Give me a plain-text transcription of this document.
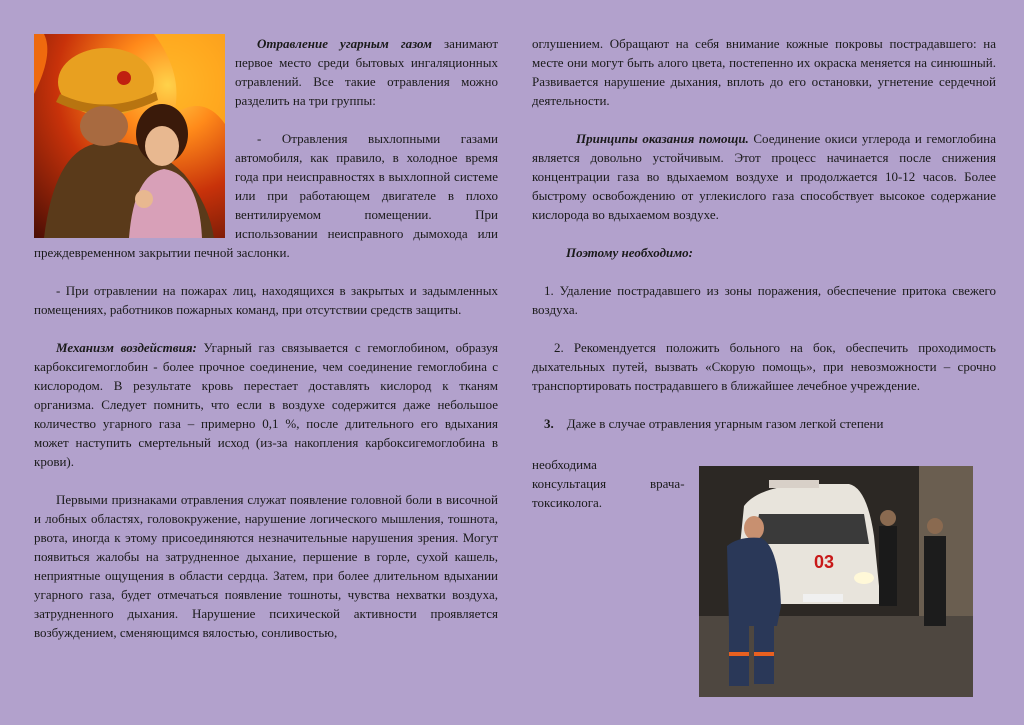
Отравление угарным газом занимают первое место среди бытовых ингаляционных отравлений. Все такие отравления можно разделить на три группы:

- Отравления выхлопными газами автомобиля, как правило, в холодное время года при неисправностях в выхлопной системе или при работающем двигателе в плохо вентилируемом помещении. При использовании неисправного дымохода или преждевременном закрытии печной заслонки.

- При отравлении на пожарах лиц, находящихся в закрытых и задымленных помещениях, работников пожарных команд, при отсутствии средств защиты.

Механизм воздействия: Угарный газ связывается с гемоглобином, образуя карбоксигемоглобин - более прочное соединение, чем соединение гемоглобина с кислородом. В результате кровь перестает доставлять кислород к тканям организма. Следует помнить, что если в воздухе содержится даже небольшое количество угарного газа – примерно 0,1 %, после длительного его вдыхания может наступить смертельный исход (из-за накопления карбоксигемоглобина в крови).

Первыми признаками отравления служат появление головной боли в височной и лобных областях, головокружение, нарушение логического мышления, тошнота, рвота, иногда к этому присоединяются незначительные нарушения зрения. Могут появиться жалобы на затрудненное дыхание, першение в горле, сухой кашель, неприятные ощущения в области сердца. Затем, при более длительном вдыхании угарного газа, будет отмечаться появление тошноты, чувства нехватки воздуха, затрудненного дыхания. Нарушение психической активности проявляется возбуждением, сменяющимся вялостью, сонливостью,

оглушением. Обращают на себя внимание кожные покровы пострадавшего: на месте они могут быть алого цвета, постепенно их окраска меняется на синюшный. Развивается нарушение дыхания, вплоть до его остановки, угнетение сердечной деятельности.

Принципы оказания помощи. Соединение окиси углерода и гемоглобина является довольно устойчивым. Этот процесс начинается после снижения концентрации газа во вдыхаемом воздухе и продолжается 10-12 часов. Более быстрому освобождению от углекислого газа способствует высокое содержание кислорода во вдыхаемом воздухе.

Поэтому необходимо:

1. Удаление пострадавшего из зоны поражения, обеспечение притока свежего воздуха.

2. Рекомендуется положить больного на бок, обеспечить проходимость дыхательных путей, вызвать «Скорую помощь», при невозможности – срочно транспортировать пострадавшего в ближайшее лечебное учреждение.

3. Даже в случае отравления угарным газом легкой степени

необходима
консультация	врача-
токсиколога.
03
